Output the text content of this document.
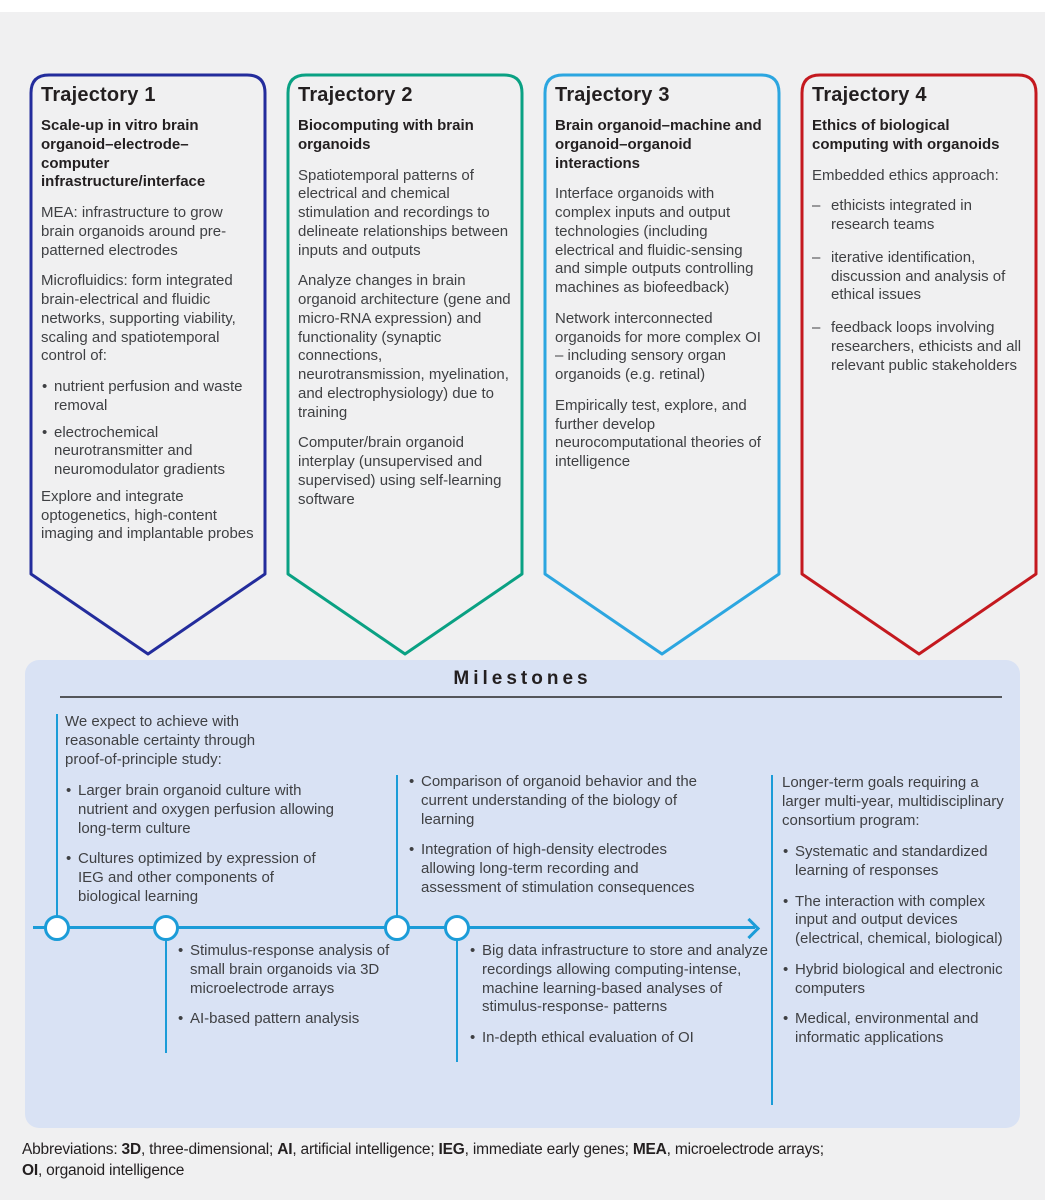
Trajectory 1
Scale-up in vitro brain organoid–electrode–computer infrastructure/interface

MEA: infrastructure to grow brain organoids around pre-patterned electrodes

Microfluidics: form integrated brain-electrical and fluidic networks, supporting viability, scaling and spatiotemporal control of:

• nutrient perfusion and waste removal
• electrochemical neurotransmitter and neuromodulator gradients

Explore and integrate optogenetics, high-content imaging and implantable probes

Trajectory 2
Biocomputing with brain organoids

Spatiotemporal patterns of electrical and chemical stimulation and recordings to delineate relationships between inputs and outputs

Analyze changes in brain organoid architecture (gene and micro-RNA expression) and functionality (synaptic connections, neurotransmission, myelination, and electrophysiology) due to training

Computer/brain organoid interplay (unsupervised and supervised) using self-learning software

Trajectory 3
Brain organoid–machine and organoid–organoid interactions

Interface organoids with complex inputs and output technologies (including electrical and fluidic-sensing and simple outputs controlling machines as biofeedback)

Network interconnected organoids for more complex OI – including sensory organ organoids (e.g. retinal)

Empirically test, explore, and further develop neurocomputational theories of intelligence

Trajectory 4
Ethics of biological computing with organoids

Embedded ethics approach:

– ethicists integrated in research teams
– iterative identification, discussion and analysis of ethical issues
– feedback loops involving researchers, ethicists and all relevant public stakeholders
Milestones

We expect to achieve with reasonable certainty through proof-of-principle study:

• Larger brain organoid culture with nutrient and oxygen perfusion allowing long-term culture
• Cultures optimized by expression of IEG and other components of biological learning
• Comparison of organoid behavior and the current understanding of the biology of learning
• Integration of high-density electrodes allowing long-term recording and assessment of stimulation consequences
• Stimulus-response analysis of small brain organoids via 3D microelectrode arrays
• AI-based pattern analysis
• Big data infrastructure to store and analyze recordings allowing computing-intense, machine learning-based analyses of stimulus-response- patterns
• In-depth ethical evaluation of OI

Longer-term goals requiring a larger multi-year, multidisciplinary consortium program:

• Systematic and standardized learning of responses
• The interaction with complex input and output devices (electrical, chemical, biological)
• Hybrid biological and electronic computers
• Medical, environmental and informatic applications
Abbreviations: 3D, three-dimensional; AI, artificial intelligence; IEG, immediate early genes; MEA, microelectrode arrays;
OI, organoid intelligence
